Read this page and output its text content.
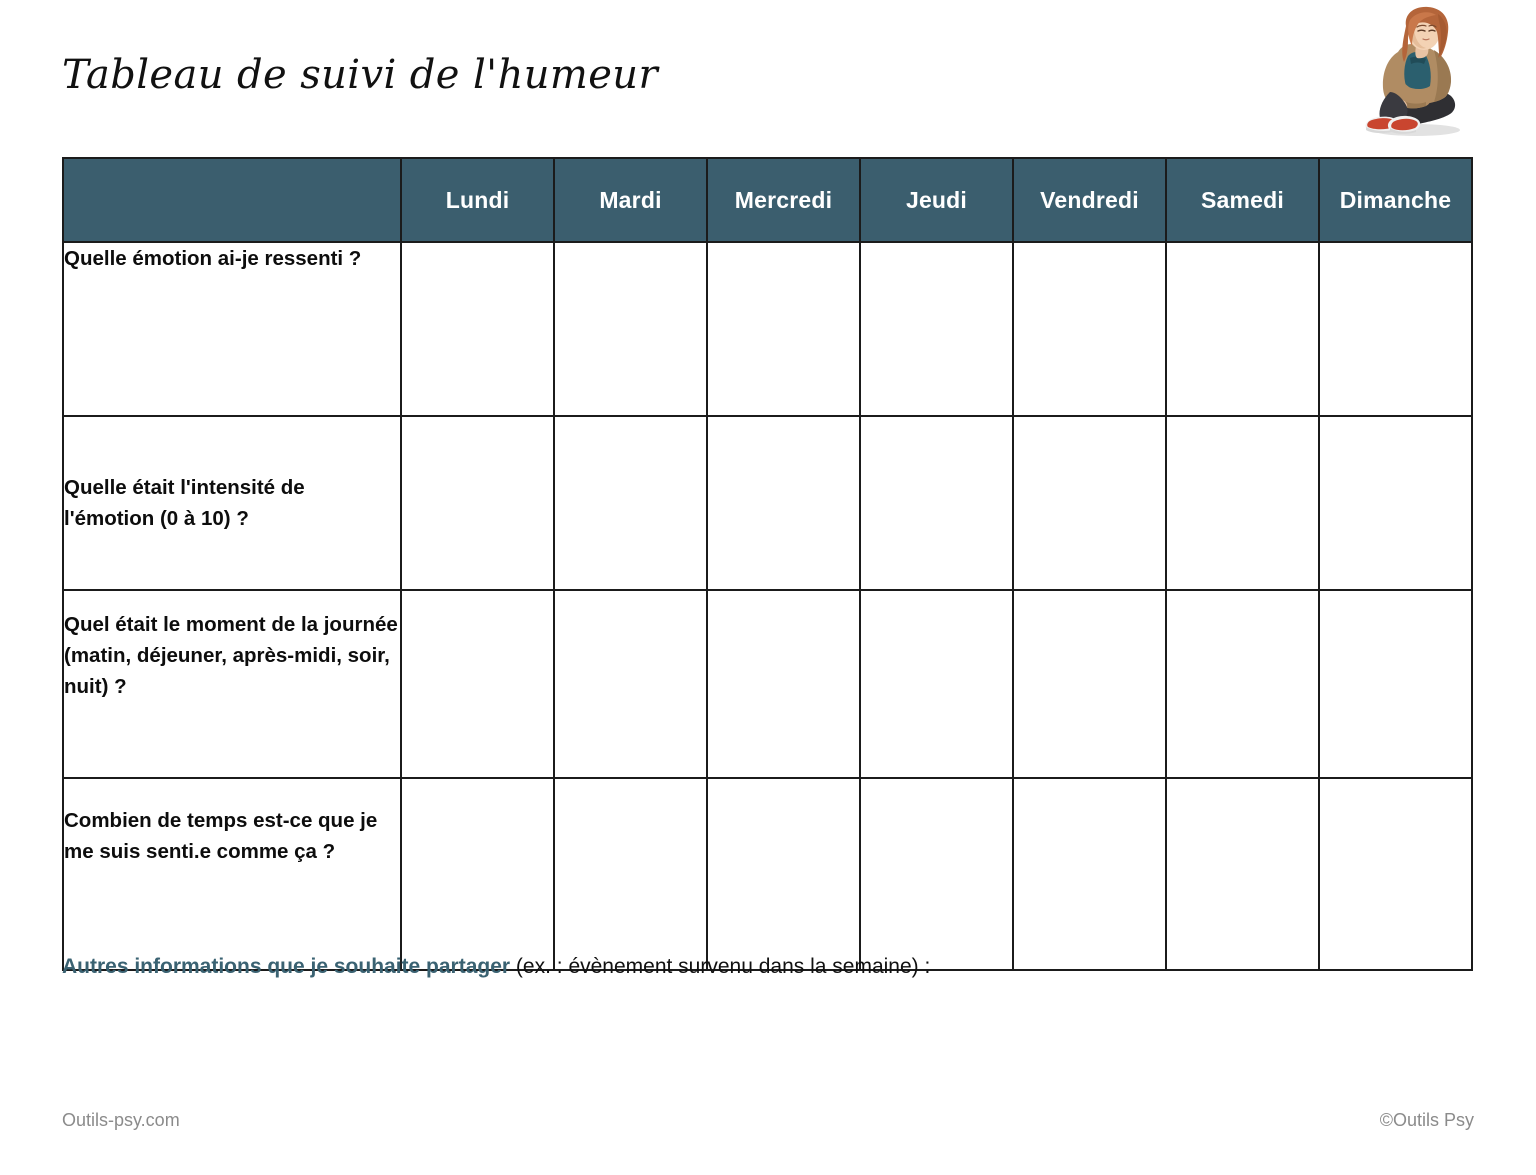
Tableau de suivi de l'humeur
	Lundi	Mardi	Mercredi	Jeudi	Vendredi	Samedi	Dimanche
Quelle émotion ai-je ressenti ?							
Quelle était l'intensité de l'émotion (0 à 10) ?							
Quel était le moment de la journée (matin, déjeuner, après-midi, soir, nuit) ?							
Combien de temps est-ce que je me suis senti.e comme ça ?							
Autres informations que je souhaite partager (ex. : évènement survenu dans la semaine) :
Outils-psy.com	©Outils Psy
